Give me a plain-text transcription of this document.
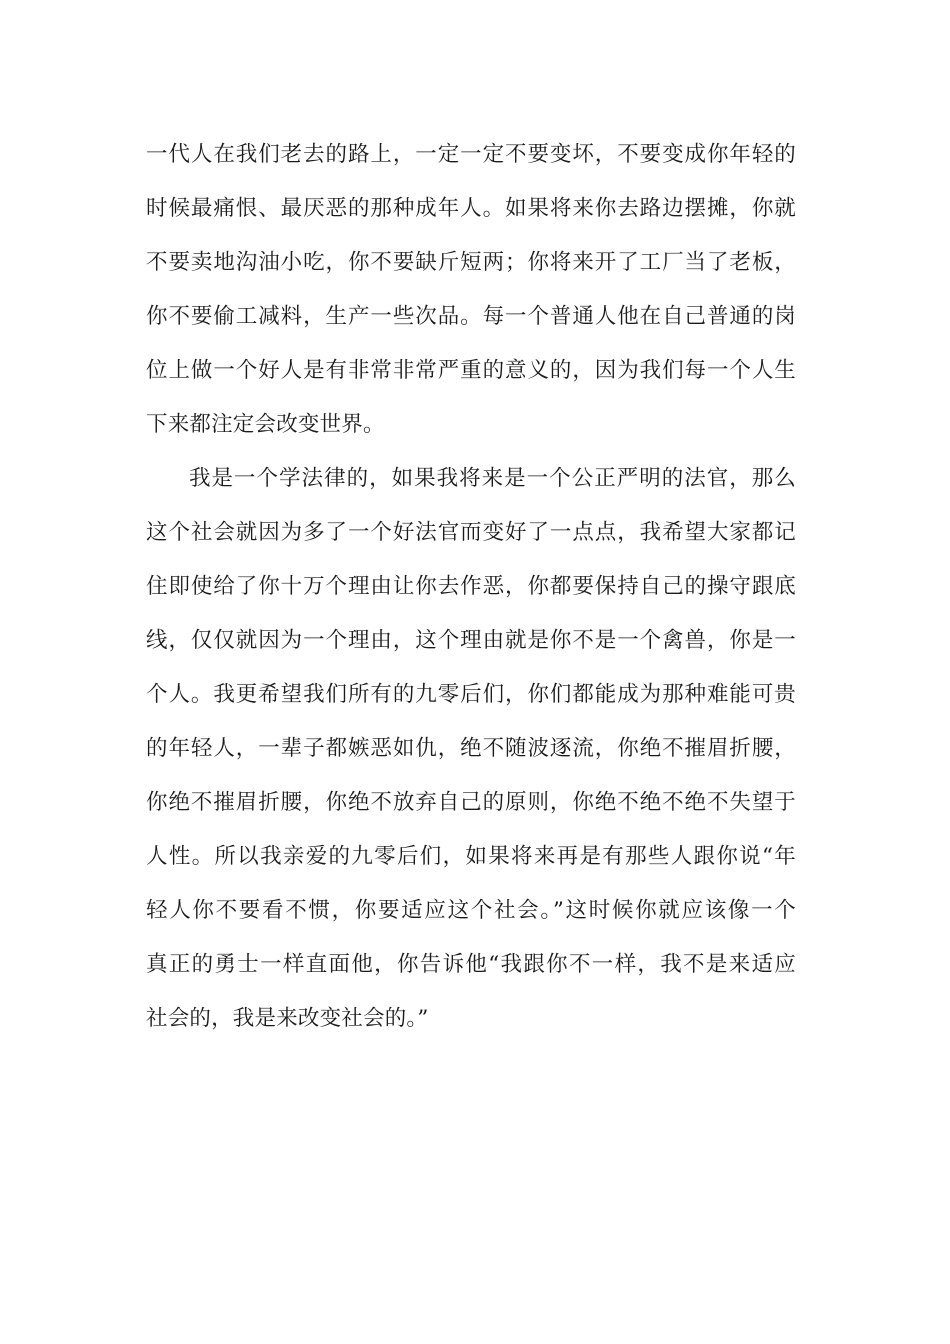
一代人在我们老去的路上，一定一定不要变坏，不要变成你年轻的
时候最痛恨、最厌恶的那种成年人。如果将来你去路边摆摊，你就
不要卖地沟油小吃，你不要缺斤短两；你将来开了工厂当了老板，
你不要偷工减料，生产一些次品。每一个普通人他在自己普通的岗
位上做一个好人是有非常非常严重的意义的，因为我们每一个人生
下来都注定会改变世界。
我是一个学法律的，如果我将来是一个公正严明的法官，那么
这个社会就因为多了一个好法官而变好了一点点，我希望大家都记
住即使给了你十万个理由让你去作恶，你都要保持自己的操守跟底
线，仅仅就因为一个理由，这个理由就是你不是一个禽兽，你是一
个人。我更希望我们所有的九零后们，你们都能成为那种难能可贵
的年轻人，一辈子都嫉恶如仇，绝不随波逐流，你绝不摧眉折腰，
你绝不摧眉折腰，你绝不放弃自己的原则，你绝不绝不绝不失望于
人性。所以我亲爱的九零后们，如果将来再是有那些人跟你说“年
轻人你不要看不惯，你要适应这个社会。”这时候你就应该像一个
真正的勇士一样直面他，你告诉他“我跟你不一样，我不是来适应
社会的，我是来改变社会的。”
